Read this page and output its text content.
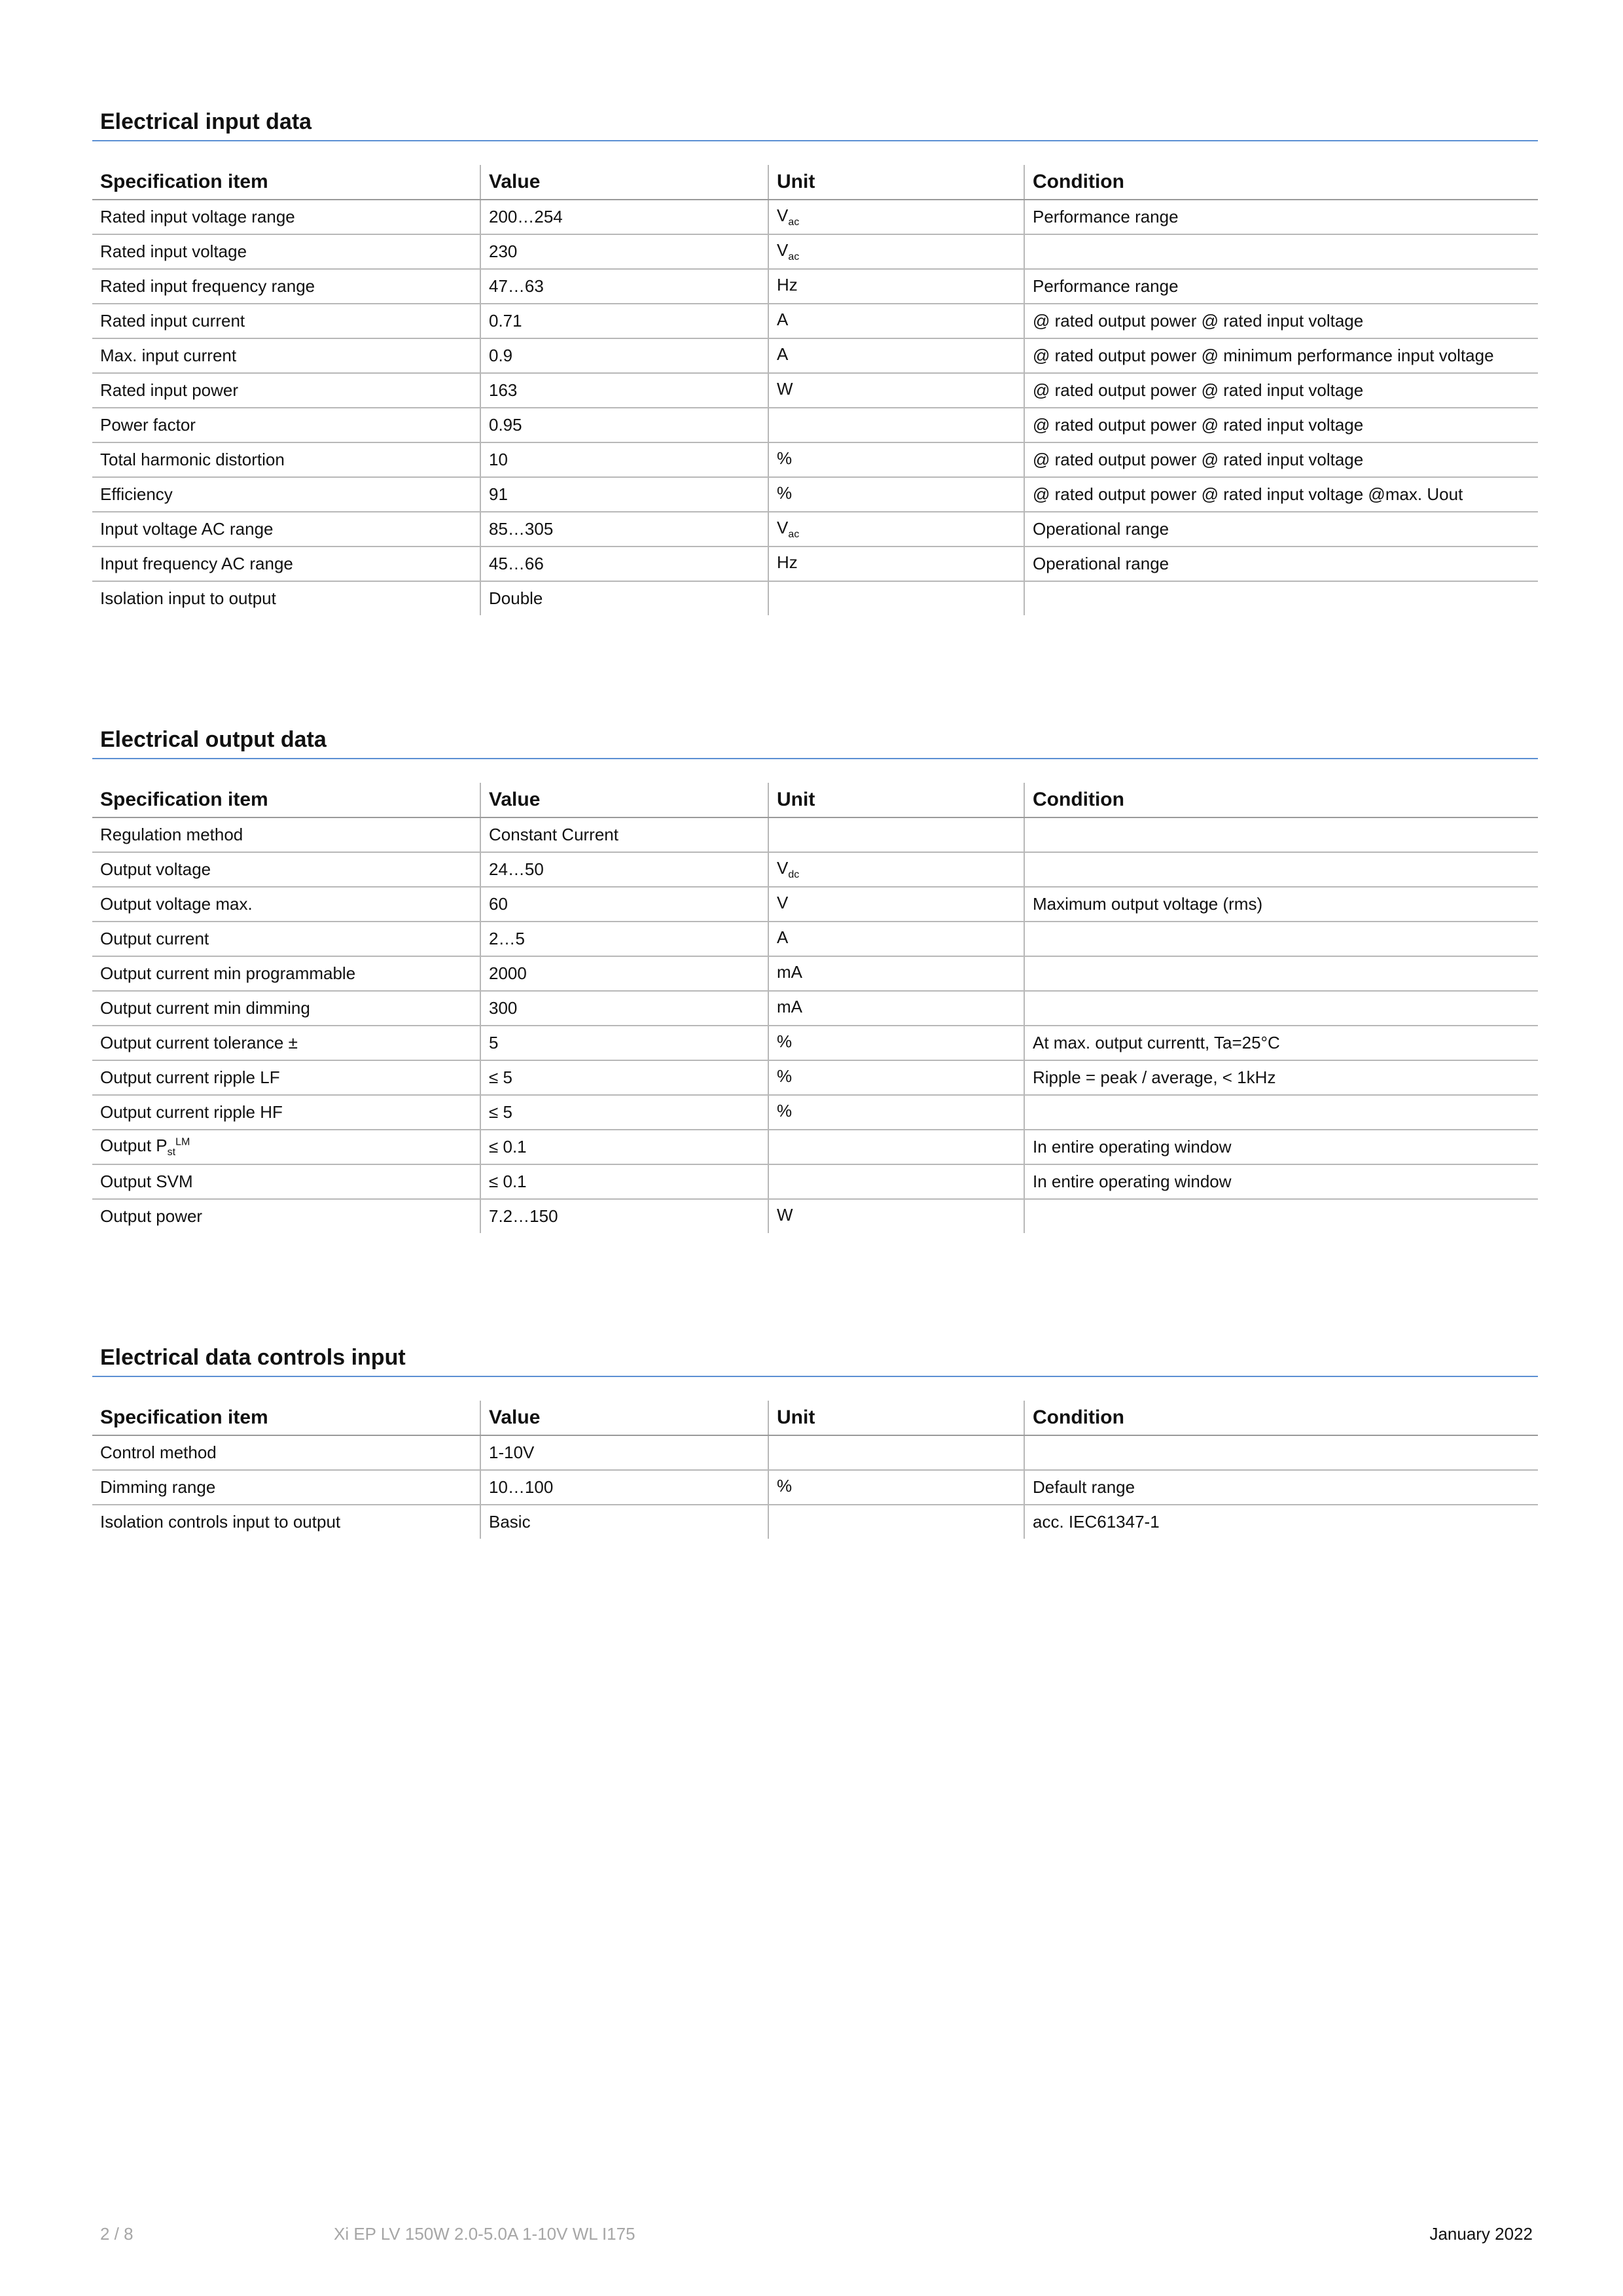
Electrical input data
Specification item	Value	Unit	Condition
Rated input voltage range	200…254	$V_{ac}$	Performance range
Rated input voltage	230	$V_{ac}$	
Rated input frequency range	47…63	Hz	Performance range
Rated input current	0.71	A	@ rated output power @ rated input voltage
Max. input current	0.9	A	@ rated output power @ minimum performance input voltage
Rated input power	163	W	@ rated output power @ rated input voltage
Power factor	0.95		@ rated output power @ rated input voltage
Total harmonic distortion	10	%	@ rated output power @ rated input voltage
Efficiency	91	%	@ rated output power @ rated input voltage @max. Uout
Input voltage AC range	85…305	$V_{ac}$	Operational range
Input frequency AC range	45…66	Hz	Operational range
Isolation input to output	Double		
Electrical output data
Specification item	Value	Unit	Condition
Regulation method	Constant Current		
Output voltage	24…50	$V_{dc}$	
Output voltage max.	60	V	Maximum output voltage (rms)
Output current	2…5	A	
Output current min programmable	2000	mA	
Output current min dimming	300	mA	
Output current tolerance ±	5	%	At max. output currentt, Ta=25°C
Output current ripple LF	≤ 5	%	Ripple = peak / average, < 1kHz
Output current ripple HF	≤ 5	%	
Output $P_{st}^{LM}$	≤ 0.1		In entire operating window
Output SVM	≤ 0.1		In entire operating window
Output power	7.2…150	W	
Electrical data controls input
Specification item	Value	Unit	Condition
Control method	1-10V		
Dimming range	10…100	%	Default range
Isolation controls input to output	Basic		acc. IEC61347-1
2 / 8	Xi EP LV 150W 2.0-5.0A 1-10V WL I175	January 2022
